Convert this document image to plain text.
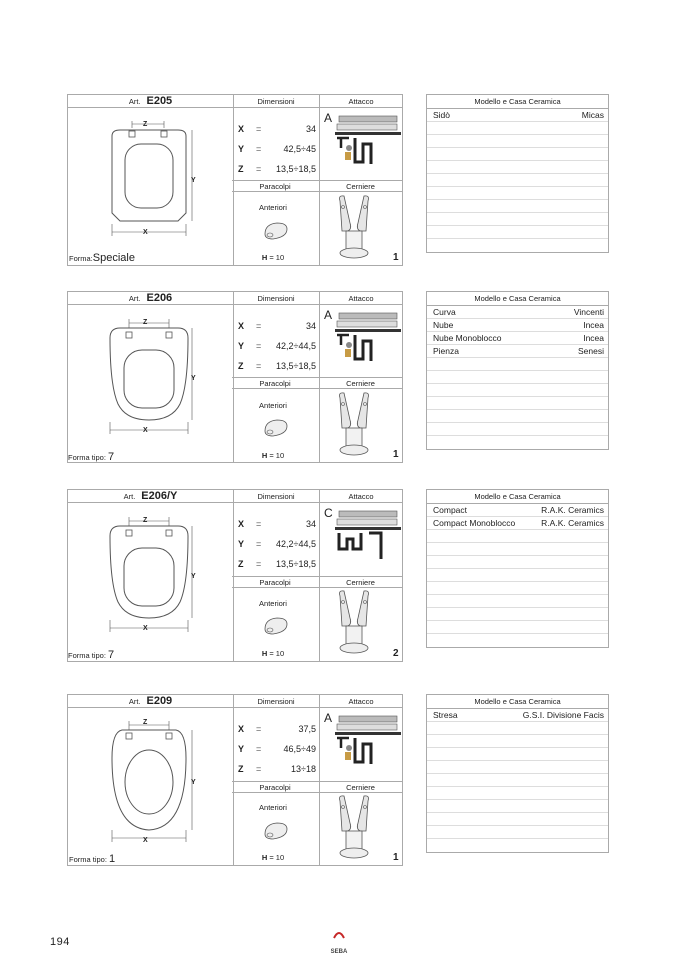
Art. E205	Dimensioni	Attacco
Z
Y
X
Forma:Speciale
X =	34
Y = 42,5÷45
Z = 13,5÷18,5
Paracolpi	Cerniere
Anteriori
H = 10
A
1
Art. E206	Dimensioni	Attacco
Z
Y
X
Forma tipo: 7
X =	34
Y = 42,2÷44,5
Z = 13,5÷18,5
Paracolpi	Cerniere
Anteriori
H = 10
A
1
Art. E206/Y	Dimensioni	Attacco
Z
Y
X
Forma tipo: 7
X =	34
Y = 42,2÷44,5
Z = 13,5÷18,5
Paracolpi	Cerniere
Anteriori
H = 10
C
2
Art. E209	Dimensioni	Attacco
Z
Y
X
Forma tipo: 1
X =	37,5
Y = 46,5÷49
Z =	13÷18
Paracolpi	Cerniere
Anteriori
H = 10
A
1
Modello e Casa Ceramica
Sidò	Micas
Modello e Casa Ceramica
Curva	Vincenti
Nube	Incea
Nube Monoblocco	Incea
Pienza	Senesi
Modello e Casa Ceramica
Compact	R.A.K. Ceramics
Compact Monoblocco	R.A.K. Ceramics
Modello e Casa Ceramica
Stresa	G.S.I. Divisione Facis
194
SEBA
